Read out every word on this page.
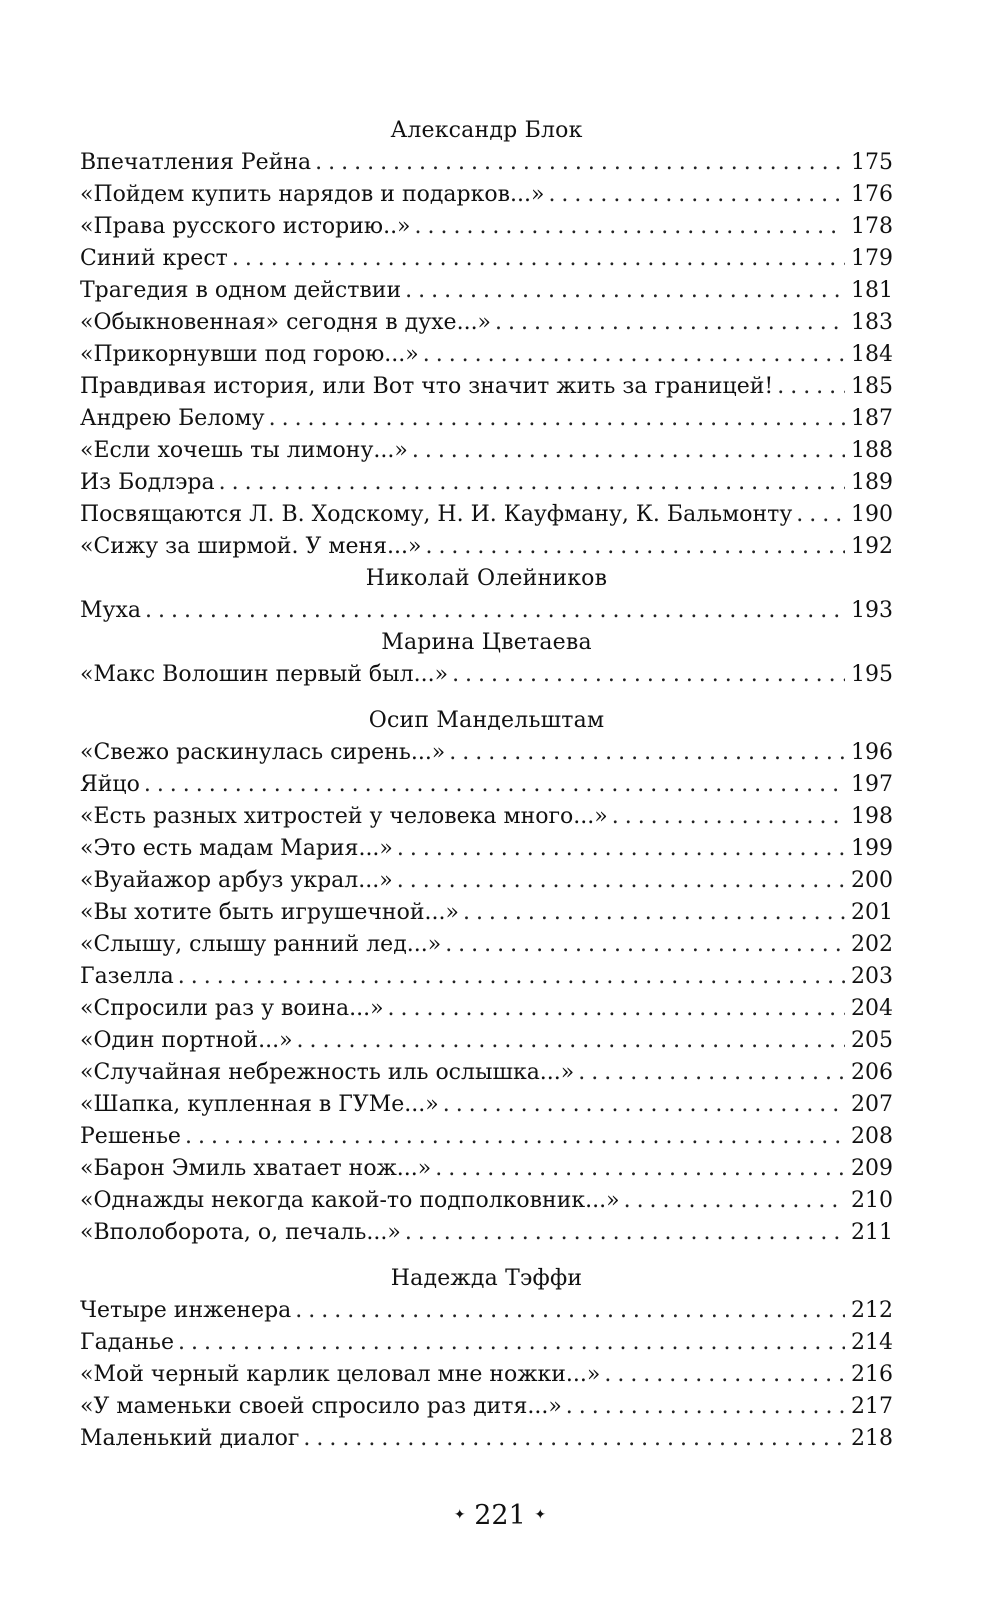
Александр Блок
Впечатления Рейна . . .	175
«Пойдем купить нарядов и подарков...» . . .	176
«Права русского историю..» . . .	178
Синий крест . . .	179
Трагедия в одном действии . . .	181
«Обыкновенная» сегодня в духе...» . . .	183
«Прикорнувши под горою...» . . .	184
Правдивая история, или Вот что значит жить за границей! . . .	185
Андрею Белому . . .	187
«Если хочешь ты лимону...» . . .	188
Из Бодлэра . . .	189
Посвящаются Л. В. Ходскому, Н. И. Кауфману, К. Бальмонту . . .	190
«Сижу за ширмой. У меня...» . . .	192
Николай Олейников
Муха . . .	193
Марина Цветаева
«Макс Волошин первый был...» . . .	195
Осип Мандельштам
«Свежо раскинулась сирень...» . . .	196
Яйцо . . .	197
«Есть разных хитростей у человека много...» . . .	198
«Это есть мадам Мария...» . . .	199
«Вуайажор арбуз украл...» . . .	200
«Вы хотите быть игрушечной...» . . .	201
«Слышу, слышу ранний лед...» . . .	202
Газелла . . .	203
«Спросили раз у воина...» . . .	204
«Один портной...» . . .	205
«Случайная небрежность иль ослышка...» . . .	206
«Шапка, купленная в ГУМе...» . . .	207
Решенье . . .	208
«Барон Эмиль хватает нож...» . . .	209
«Однажды некогда какой-то подполковник...» . . .	210
«Вполоборота, о, печаль...» . . .	211
Надежда Тэффи
Четыре инженера . . .	212
Гаданье . . .	214
«Мой черный карлик целовал мне ножки...» . . .	216
«У маменьки своей спросило раз дитя...» . . .	217
Маленький диалог . . .	218
✦ 221 ✦
